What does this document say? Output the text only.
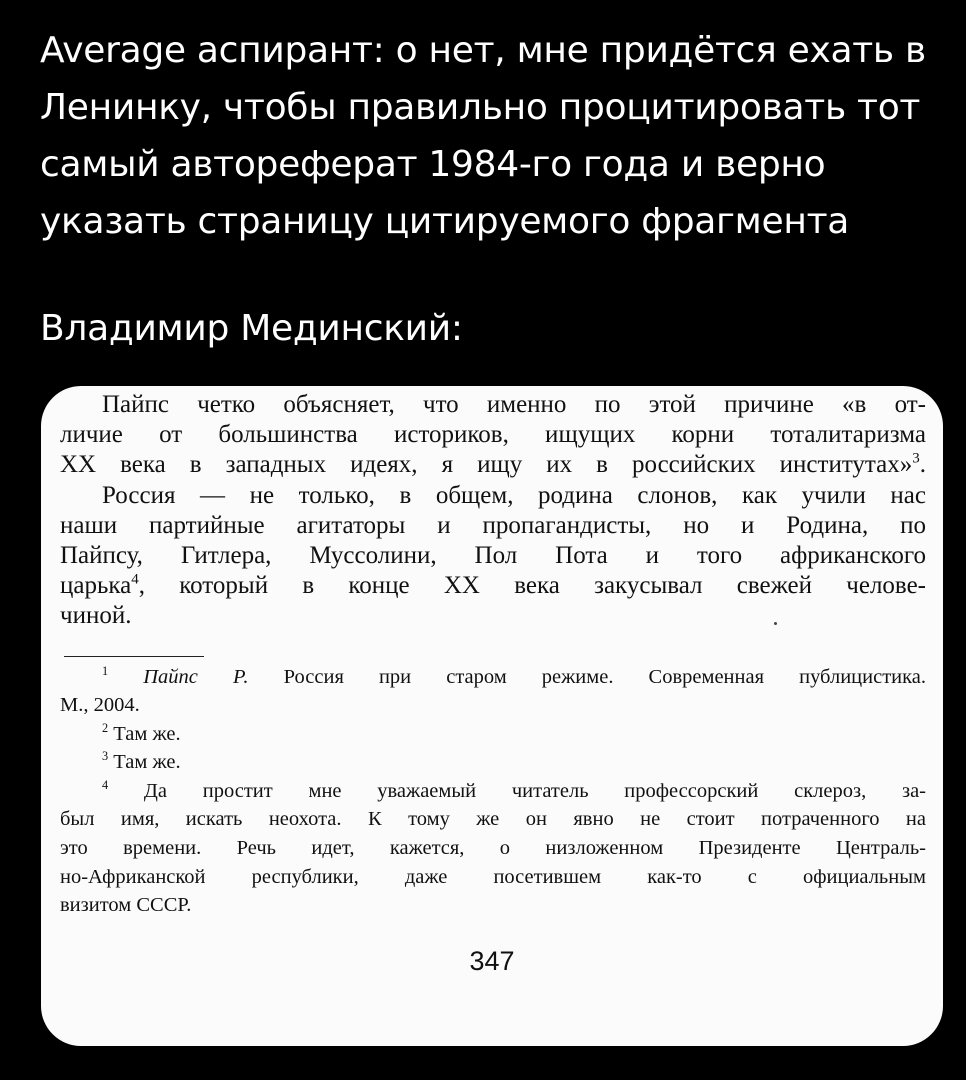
Average аспирант: о нет, мне придётся ехать в
Ленинку, чтобы правильно процитировать тот
самый автореферат 1984-го года и верно
указать страницу цитируемого фрагмента
Владимир Мединский:
Пайпс четко объясняет, что именно по этой причине «в от-
личие от большинства историков, ищущих корни тоталитаризма
XX века в западных идеях, я ищу их в российских институтах»$^3$.
Россия — не только, в общем, родина слонов, как учили нас
наши партийные агитаторы и пропагандисты, но и Родина, по
Пайпсу, Гитлера, Муссолини, Пол Пота и того африканского
царька$^4$, который в конце XX века закусывал свежей челове-
чиной.
$^1$ Пайпс Р. Россия при старом режиме. Современная публицистика.
М., 2004.
$^2$ Там же.
$^3$ Там же.
$^4$ Да простит мне уважаемый читатель профессорский склероз, за-
был имя, искать неохота. К тому же он явно не стоит потраченного на
это времени. Речь идет, кажется, о низложенном Президенте Централь-
но-Африканской республики, даже посетившем как-то с официальным
визитом СССР.
347
